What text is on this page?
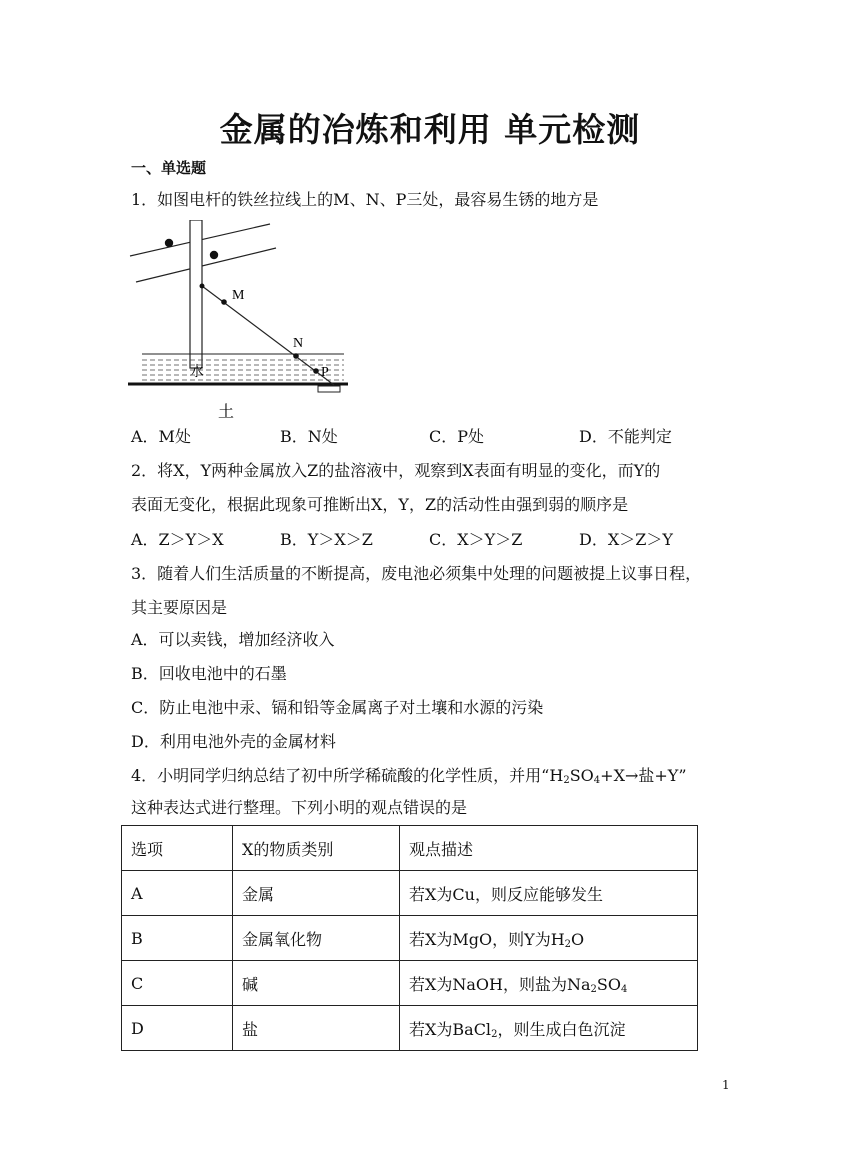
金属的冶炼和利用 单元检测
一、单选题
1．如图电杆的铁丝拉线上的M、N、P三处，最容易生锈的地方是
M
N
P
水
土
A．M处	B．N处	C．P处	D．不能判定
2．将X，Y两种金属放入Z的盐溶液中，观察到X表面有明显的变化，而Y的
表面无变化，根据此现象可推断出X，Y，Z的活动性由强到弱的顺序是
A．Z＞Y＞X	B．Y＞X＞Z	C．X＞Y＞Z	D．X＞Z＞Y
3．随着人们生活质量的不断提高，废电池必须集中处理的问题被提上议事日程，
其主要原因是
A．可以卖钱，增加经济收入
B．回收电池中的石墨
C．防止电池中汞、镉和铅等金属离子对土壤和水源的污染
D．利用电池外壳的金属材料
4．小明同学归纳总结了初中所学稀硫酸的化学性质，并用“$H_2SO_4+X\to$盐+Y”
这种表达式进行整理。下列小明的观点错误的是
选项	X的物质类别	观点描述
A	金属	若X为Cu，则反应能够发生
B	金属氧化物	若X为MgO，则Y为$H_2O$
C	碱	若X为NaOH，则盐为$Na_2SO_4$
D	盐	若X为BaCl$_2$，则生成白色沉淀
1
